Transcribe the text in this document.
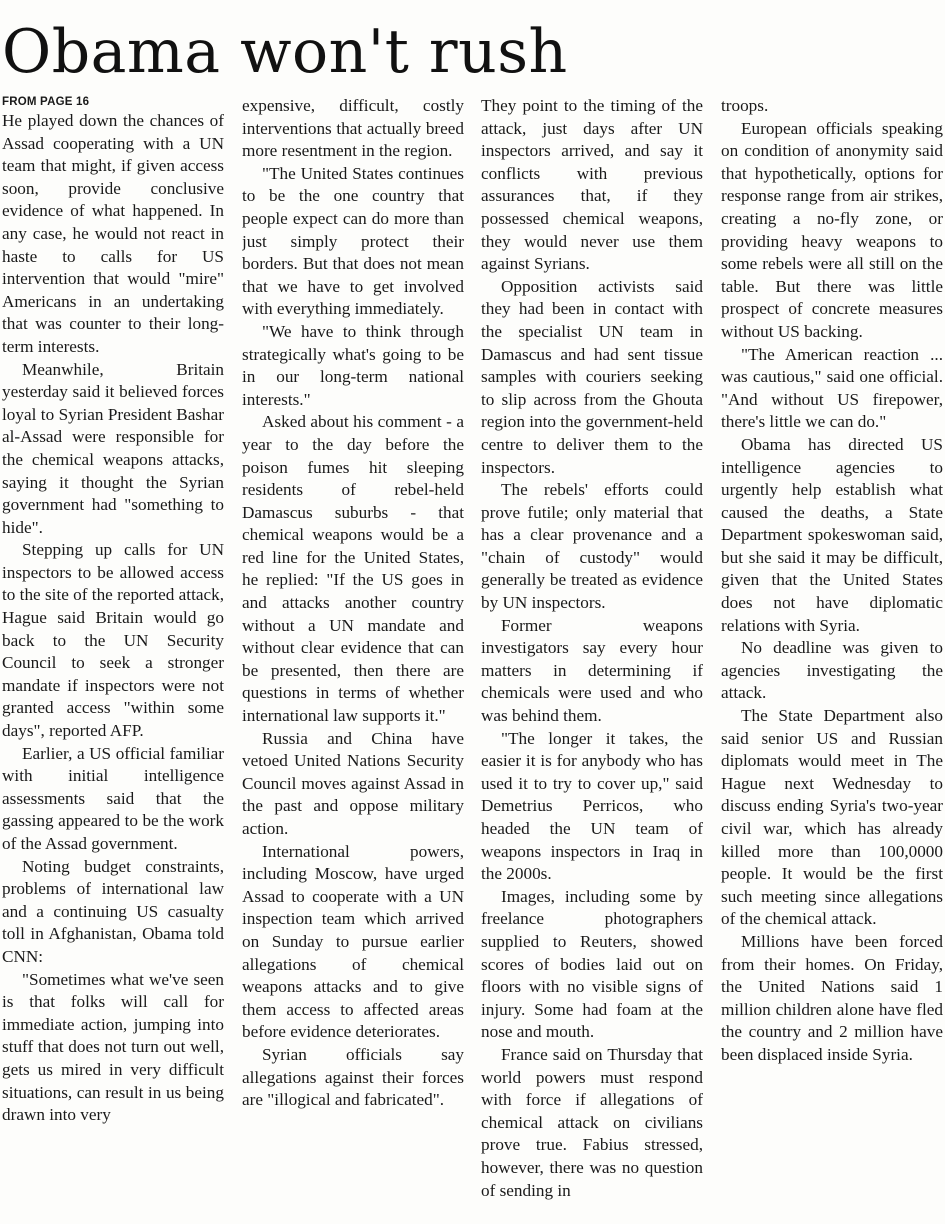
Obama won't rush
FROM PAGE 16

He played down the chances of Assad cooperating with a UN team that might, if given access soon, provide conclusive evidence of what happened. In any case, he would not react in haste to calls for US intervention that would "mire" Americans in an undertaking that was counter to their long-term interests.

Meanwhile, Britain yesterday said it believed forces loyal to Syrian President Bashar al-Assad were responsible for the chemical weapons attacks, saying it thought the Syrian government had "something to hide".

Stepping up calls for UN inspectors to be allowed access to the site of the reported attack, Hague said Britain would go back to the UN Security Council to seek a stronger mandate if inspectors were not granted access "within some days", reported AFP.

Earlier, a US official familiar with initial intelligence assessments said that the gassing appeared to be the work of the Assad government.

Noting budget constraints, problems of international law and a continuing US casualty toll in Afghanistan, Obama told CNN:

"Sometimes what we've seen is that folks will call for immediate action, jumping into stuff that does not turn out well, gets us mired in very difficult situations, can result in us being drawn into very

expensive, difficult, costly interventions that actually breed more resentment in the region.

"The United States continues to be the one country that people expect can do more than just simply protect their borders. But that does not mean that we have to get involved with everything immediately.

"We have to think through strategically what's going to be in our long-term national interests."

Asked about his comment - a year to the day before the poison fumes hit sleeping residents of rebel-held Damascus suburbs - that chemical weapons would be a red line for the United States, he replied: "If the US goes in and attacks another country without a UN mandate and without clear evidence that can be presented, then there are questions in terms of whether international law supports it."

Russia and China have vetoed United Nations Security Council moves against Assad in the past and oppose military action.

International powers, including Moscow, have urged Assad to cooperate with a UN inspection team which arrived on Sunday to pursue earlier allegations of chemical weapons attacks and to give them access to affected areas before evidence deteriorates.

Syrian officials say allegations against their forces are "illogical and fabricated".

They point to the timing of the attack, just days after UN inspectors arrived, and say it conflicts with previous assurances that, if they possessed chemical weapons, they would never use them against Syrians.

Opposition activists said they had been in contact with the specialist UN team in Damascus and had sent tissue samples with couriers seeking to slip across from the Ghouta region into the government-held centre to deliver them to the inspectors.

The rebels' efforts could prove futile; only material that has a clear provenance and a "chain of custody" would generally be treated as evidence by UN inspectors.

Former weapons investigators say every hour matters in determining if chemicals were used and who was behind them.

"The longer it takes, the easier it is for anybody who has used it to try to cover up," said Demetrius Perricos, who headed the UN team of weapons inspectors in Iraq in the 2000s.

Images, including some by freelance photographers supplied to Reuters, showed scores of bodies laid out on floors with no visible signs of injury. Some had foam at the nose and mouth.

France said on Thursday that world powers must respond with force if allegations of chemical attack on civilians prove true. Fabius stressed, however, there was no question of sending in

troops.

European officials speaking on condition of anonymity said that hypothetically, options for response range from air strikes, creating a no-fly zone, or providing heavy weapons to some rebels were all still on the table. But there was little prospect of concrete measures without US backing.

"The American reaction ... was cautious," said one official. "And without US firepower, there's little we can do."

Obama has directed US intelligence agencies to urgently help establish what caused the deaths, a State Department spokeswoman said, but she said it may be difficult, given that the United States does not have diplomatic relations with Syria.

No deadline was given to agencies investigating the attack.

The State Department also said senior US and Russian diplomats would meet in The Hague next Wednesday to discuss ending Syria's two-year civil war, which has already killed more than 100,0000 people. It would be the first such meeting since allegations of the chemical attack.

Millions have been forced from their homes. On Friday, the United Nations said 1 million children alone have fled the country and 2 million have been displaced inside Syria.
